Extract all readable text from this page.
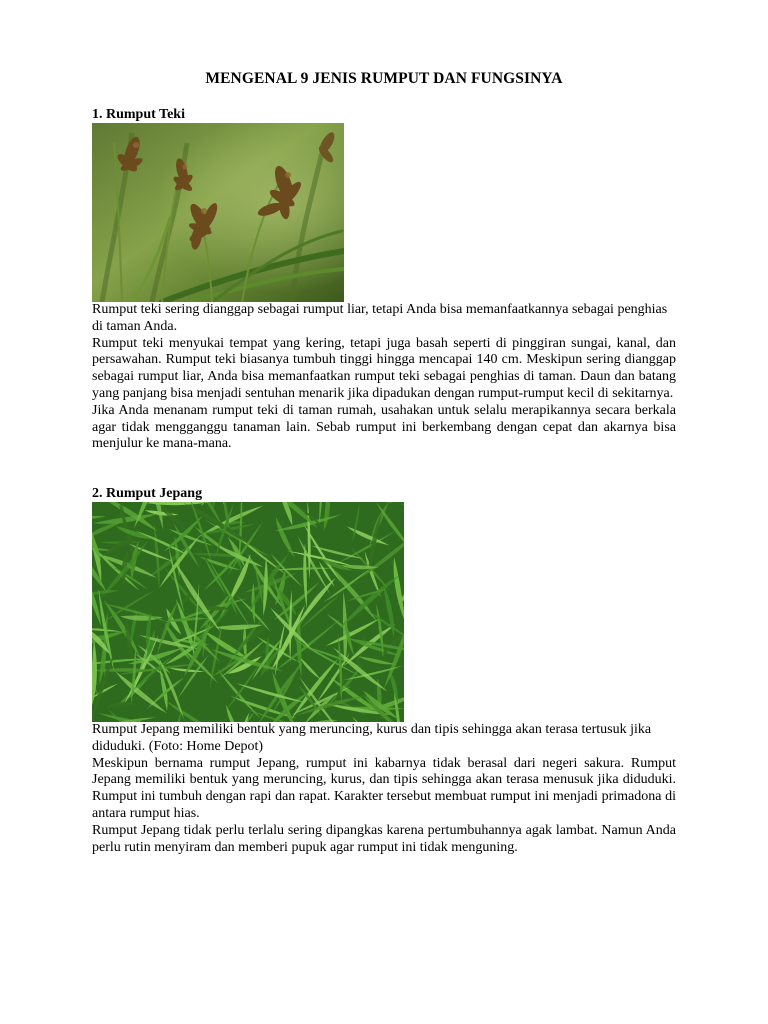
MENGENAL 9 JENIS RUMPUT DAN FUNGSINYA
1. Rumput Teki
Rumput teki sering dianggap sebagai rumput liar, tetapi Anda bisa memanfaatkannya sebagai penghias di taman Anda.
Rumput teki menyukai tempat yang kering, tetapi juga basah seperti di pinggiran sungai, kanal, dan persawahan. Rumput teki biasanya tumbuh tinggi hingga mencapai 140 cm. Meskipun sering dianggap sebagai rumput liar, Anda bisa memanfaatkan rumput teki sebagai penghias di taman. Daun dan batang yang panjang bisa menjadi sentuhan menarik jika dipadukan dengan rumput-rumput kecil di sekitarnya.
Jika Anda menanam rumput teki di taman rumah, usahakan untuk selalu merapikannya secara berkala agar tidak mengganggu tanaman lain. Sebab rumput ini berkembang dengan cepat dan akarnya bisa menjulur ke mana-mana.
2. Rumput Jepang
Rumput Jepang memiliki bentuk yang meruncing, kurus dan tipis sehingga akan terasa tertusuk jika diduduki. (Foto: Home Depot)
Meskipun bernama rumput Jepang, rumput ini kabarnya tidak berasal dari negeri sakura. Rumput Jepang memiliki bentuk yang meruncing, kurus, dan tipis sehingga akan terasa menusuk jika diduduki. Rumput ini tumbuh dengan rapi dan rapat. Karakter tersebut membuat rumput ini menjadi primadona di antara rumput hias.
Rumput Jepang tidak perlu terlalu sering dipangkas karena pertumbuhannya agak lambat. Namun Anda perlu rutin menyiram dan memberi pupuk agar rumput ini tidak menguning.
